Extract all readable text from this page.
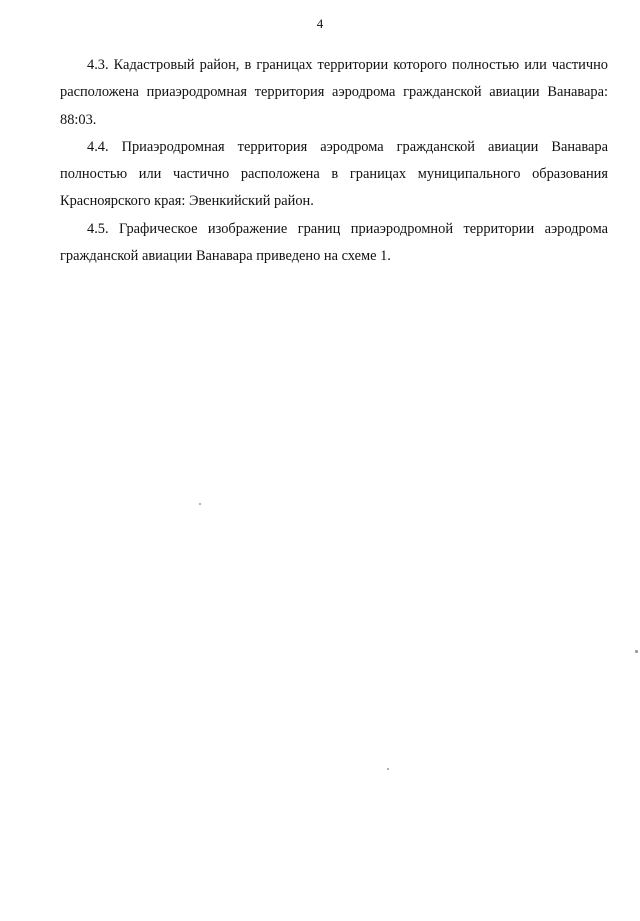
4

4.3. Кадастровый район, в границах территории которого полностью или частично расположена приаэродромная территория аэродрома гражданской авиации Ванавара: 88:03.

4.4. Приаэродромная территория аэродрома гражданской авиации Ванавара полностью или частично расположена в границах муниципального образования Красноярского края: Эвенкийский район.

4.5. Графическое изображение границ приаэродромной территории аэродрома гражданской авиации Ванавара приведено на схеме 1.
